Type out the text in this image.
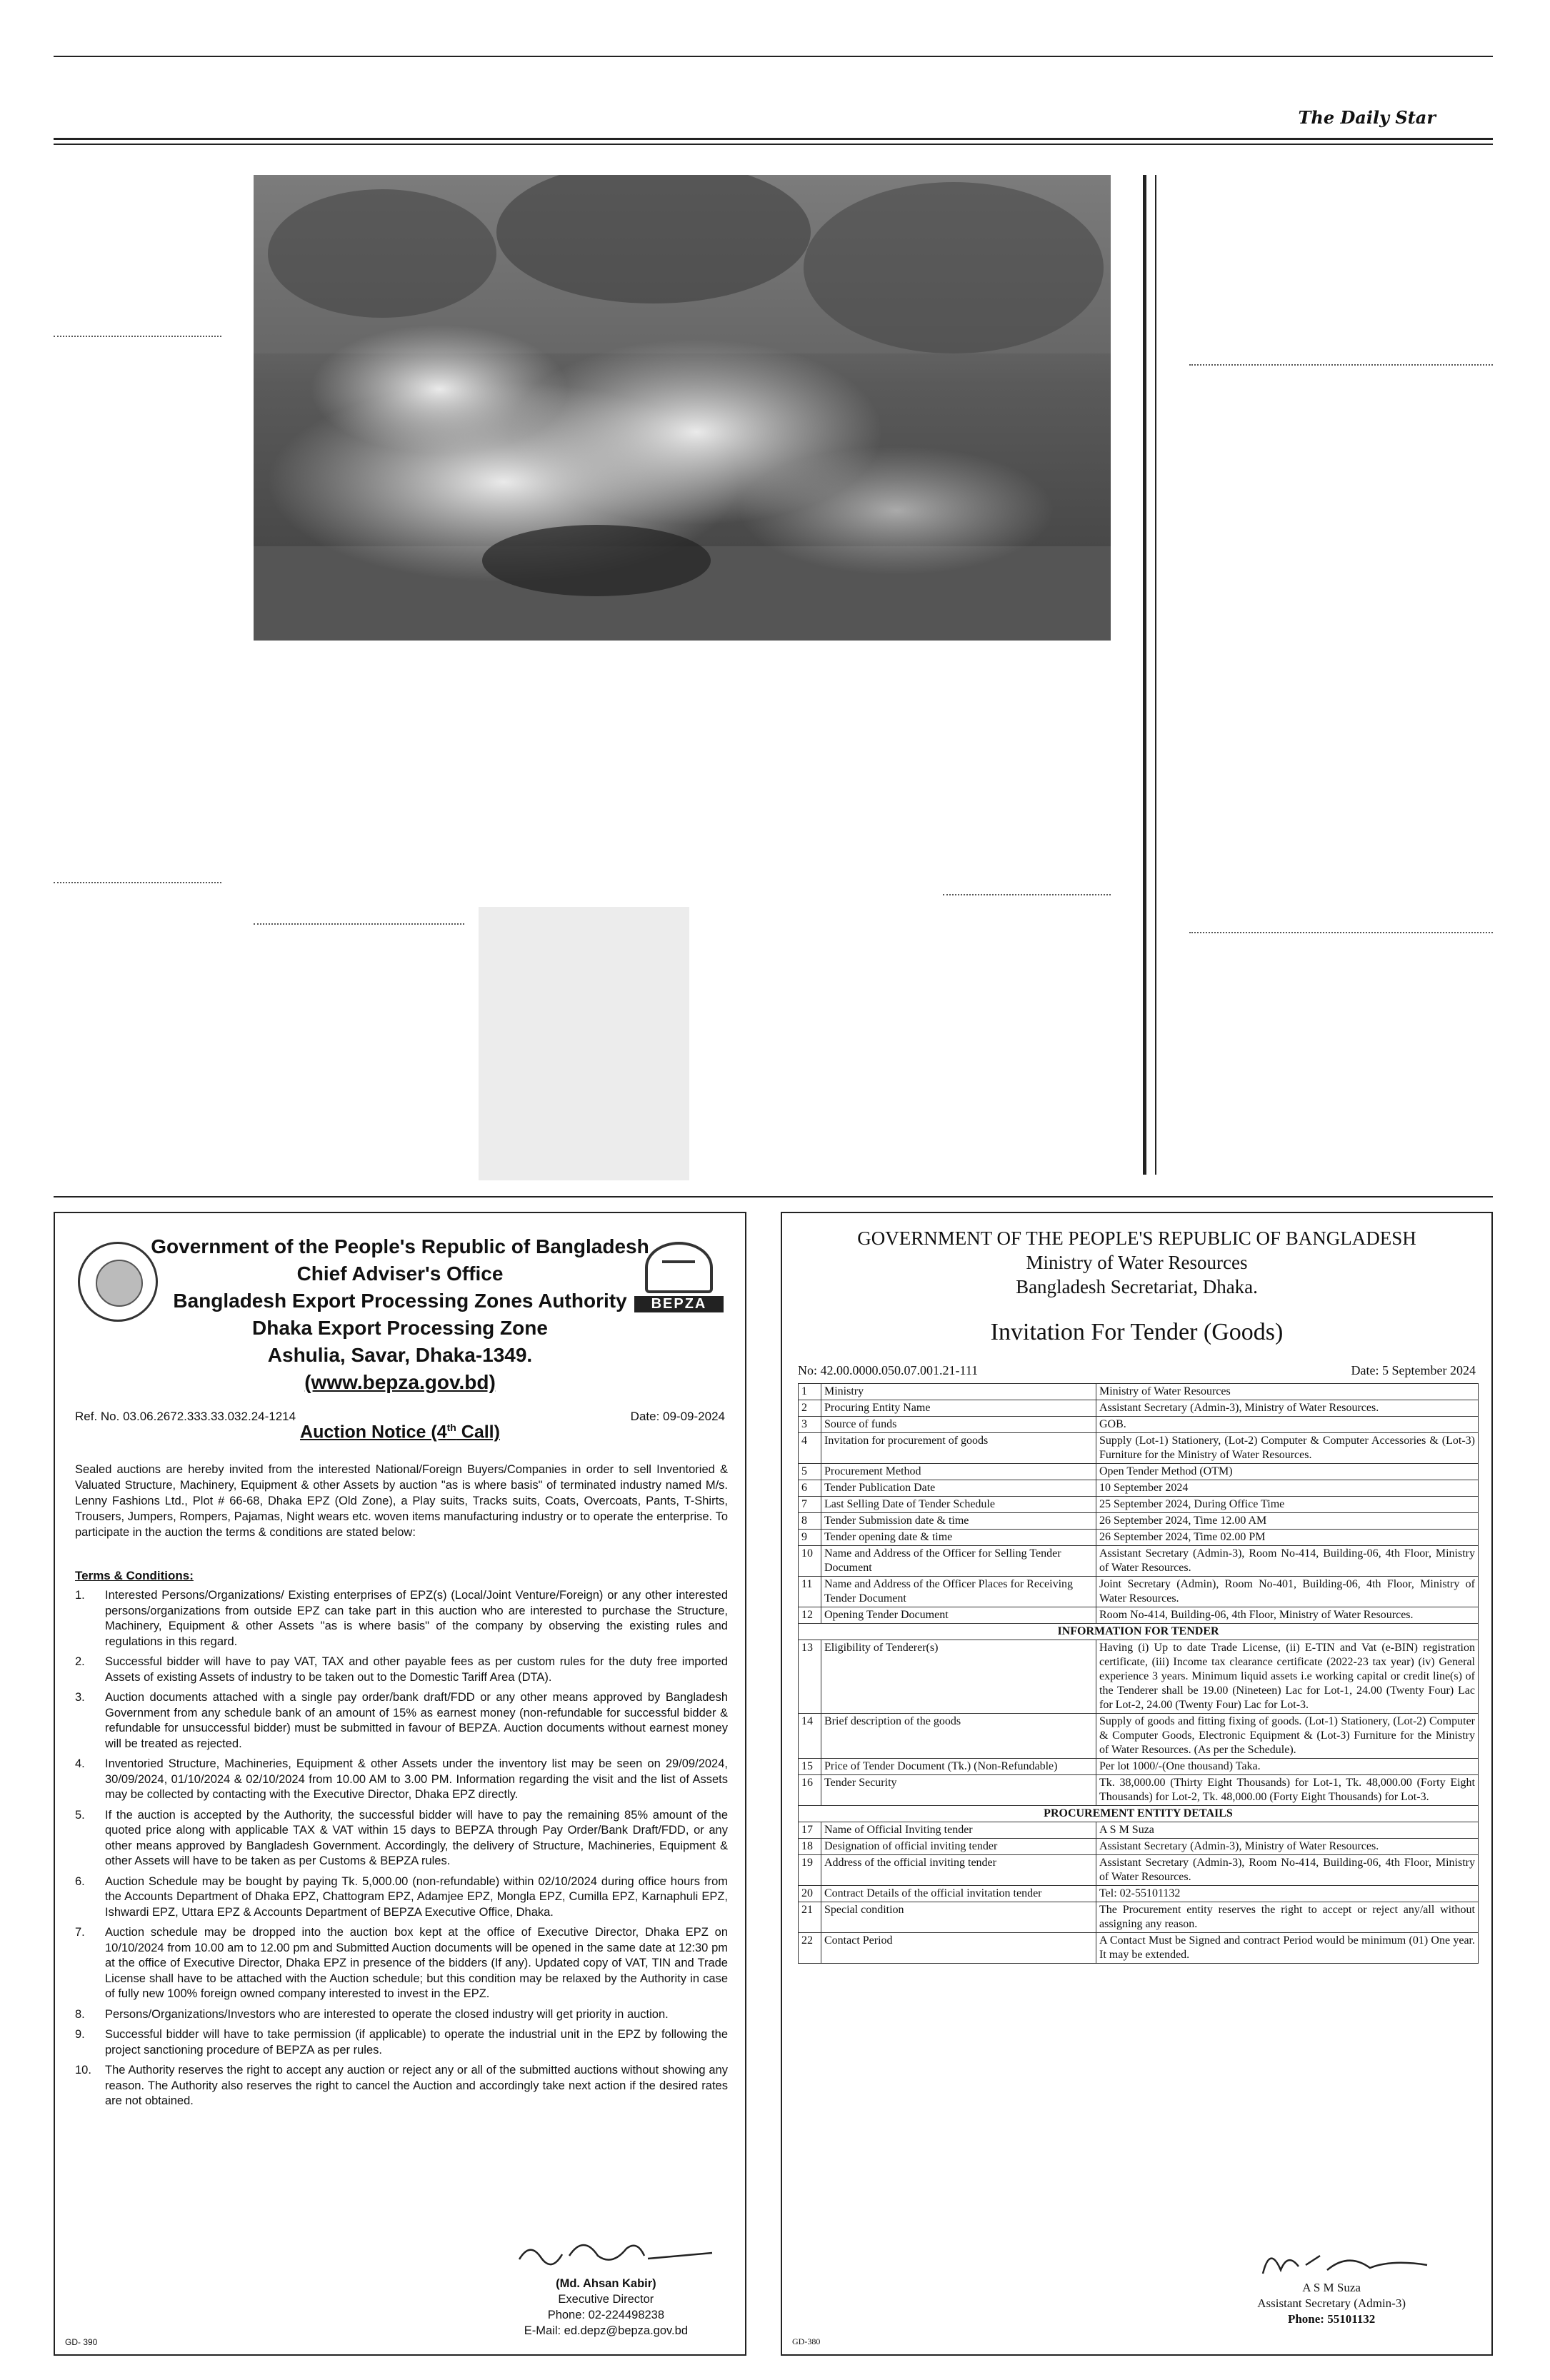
The Daily Star
BEPZA
Government of the People's Republic of Bangladesh
Chief Adviser's Office
Bangladesh Export Processing Zones Authority
Dhaka Export Processing Zone
Ashulia, Savar, Dhaka-1349.
(www.bepza.gov.bd)
Ref. No. 03.06.2672.333.33.032.24-1214	Date: 09-09-2024
Auction Notice (4th Call)
Sealed auctions are hereby invited from the interested National/Foreign Buyers/Companies in order to sell Inventoried & Valuated Structure, Machinery, Equipment & other Assets by auction "as is where basis" of terminated industry named M/s. Lenny Fashions Ltd., Plot # 66-68, Dhaka EPZ (Old Zone), a Play suits, Tracks suits, Coats, Overcoats, Pants, T-Shirts, Trousers, Jumpers, Rompers, Pajamas, Night wears etc. woven items manufacturing industry or to operate the enterprise. To participate in the auction the terms & conditions are stated below:
Terms & Conditions:
1. Interested Persons/Organizations/ Existing enterprises of EPZ(s) (Local/Joint Venture/Foreign) or any other interested persons/organizations from outside EPZ can take part in this auction who are interested to purchase the Structure, Machinery, Equipment & other Assets "as is where basis" of the company by observing the existing rules and regulations in this regard.
2. Successful bidder will have to pay VAT, TAX and other payable fees as per custom rules for the duty free imported Assets of existing Assets of industry to be taken out to the Domestic Tariff Area (DTA).
3. Auction documents attached with a single pay order/bank draft/FDD or any other means approved by Bangladesh Government from any schedule bank of an amount of 15% as earnest money (non-refundable for successful bidder & refundable for unsuccessful bidder) must be submitted in favour of BEPZA. Auction documents without earnest money will be treated as rejected.
4. Inventoried Structure, Machineries, Equipment & other Assets under the inventory list may be seen on 29/09/2024, 30/09/2024, 01/10/2024 & 02/10/2024 from 10.00 AM to 3.00 PM. Information regarding the visit and the list of Assets may be collected by contacting with the Executive Director, Dhaka EPZ directly.
5. If the auction is accepted by the Authority, the successful bidder will have to pay the remaining 85% amount of the quoted price along with applicable TAX & VAT within 15 days to BEPZA through Pay Order/Bank Draft/FDD, or any other means approved by Bangladesh Government. Accordingly, the delivery of Structure, Machineries, Equipment & other Assets will have to be taken as per Customs & BEPZA rules.
6. Auction Schedule may be bought by paying Tk. 5,000.00 (non-refundable) within 02/10/2024 during office hours from the Accounts Department of Dhaka EPZ, Chattogram EPZ, Adamjee EPZ, Mongla EPZ, Cumilla EPZ, Karnaphuli EPZ, Ishwardi EPZ, Uttara EPZ & Accounts Department of BEPZA Executive Office, Dhaka.
7. Auction schedule may be dropped into the auction box kept at the office of Executive Director, Dhaka EPZ on 10/10/2024 from 10.00 am to 12.00 pm and Submitted Auction documents will be opened in the same date at 12:30 pm at the office of Executive Director, Dhaka EPZ in presence of the bidders (If any). Updated copy of VAT, TIN and Trade License shall have to be attached with the Auction schedule; but this condition may be relaxed by the Authority in case of fully new 100% foreign owned company interested to invest in the EPZ.
8. Persons/Organizations/Investors who are interested to operate the closed industry will get priority in auction.
9. Successful bidder will have to take permission (if applicable) to operate the industrial unit in the EPZ by following the project sanctioning procedure of BEPZA as per rules.
10. The Authority reserves the right to accept any auction or reject any or all of the submitted auctions without showing any reason. The Authority also reserves the right to cancel the Auction and accordingly take next action if the desired rates are not obtained.
(Md. Ahsan Kabir)
Executive Director
Phone: 02-224498238
E-Mail: ed.depz@bepza.gov.bd
GD- 390
GOVERNMENT OF THE PEOPLE'S REPUBLIC OF BANGLADESH
Ministry of Water Resources
Bangladesh Secretariat, Dhaka.
Invitation For Tender (Goods)
No: 42.00.0000.050.07.001.21-111	Date: 5 September 2024
1	Ministry	Ministry of Water Resources
2	Procuring Entity Name	Assistant Secretary (Admin-3), Ministry of Water Resources.
3	Source of funds	GOB.
4	Invitation for procurement of goods	Supply (Lot-1) Stationery, (Lot-2) Computer & Computer Accessories & (Lot-3) Furniture for the Ministry of Water Resources.
5	Procurement Method	Open Tender Method (OTM)
6	Tender Publication Date	10 September 2024
7	Last Selling Date of Tender Schedule	25 September 2024, During Office Time
8	Tender Submission date & time	26 September 2024, Time 12.00 AM
9	Tender opening date & time	26 September 2024, Time 02.00 PM
10	Name and Address of the Officer for Selling Tender Document	Assistant Secretary (Admin-3), Room No-414, Building-06, 4th Floor, Ministry of Water Resources.
11	Name and Address of the Officer Places for Receiving Tender Document	Joint Secretary (Admin), Room No-401, Building-06, 4th Floor, Ministry of Water Resources.
12	Opening Tender Document	Room No-414, Building-06, 4th Floor, Ministry of Water Resources.
INFORMATION FOR TENDER		
13	Eligibility of Tenderer(s)	Having (i) Up to date Trade License, (ii) E-TIN and Vat (e-BIN) registration certificate, (iii) Income tax clearance certificate (2022-23 tax year) (iv) General experience 3 years. Minimum liquid assets i.e working capital or credit line(s) of the Tenderer shall be 19.00 (Nineteen) Lac for Lot-1, 24.00 (Twenty Four) Lac for Lot-2, 24.00 (Twenty Four) Lac for Lot-3.
14	Brief description of the goods	Supply of goods and fitting fixing of goods. (Lot-1) Stationery, (Lot-2) Computer & Computer Goods, Electronic Equipment & (Lot-3) Furniture for the Ministry of Water Resources. (As per the Schedule).
15	Price of Tender Document (Tk.) (Non-Refundable)	Per lot 1000/-(One thousand) Taka.
16	Tender Security	Tk. 38,000.00 (Thirty Eight Thousands) for Lot-1, Tk. 48,000.00 (Forty Eight Thousands) for Lot-2, Tk. 48,000.00 (Forty Eight Thousands) for Lot-3.
PROCUREMENT ENTITY DETAILS		
17	Name of Official Inviting tender	A S M Suza
18	Designation of official inviting tender	Assistant Secretary (Admin-3), Ministry of Water Resources.
19	Address of the official inviting tender	Assistant Secretary (Admin-3), Room No-414, Building-06, 4th Floor, Ministry of Water Resources.
20	Contract Details of the official invitation tender	Tel: 02-55101132
21	Special condition	The Procurement entity reserves the right to accept or reject any/all without assigning any reason.
22	Contact Period	A Contact Must be Signed and contract Period would be minimum (01) One year. It may be extended.
A S M Suza
Assistant Secretary (Admin-3)
Phone: 55101132
GD-380
